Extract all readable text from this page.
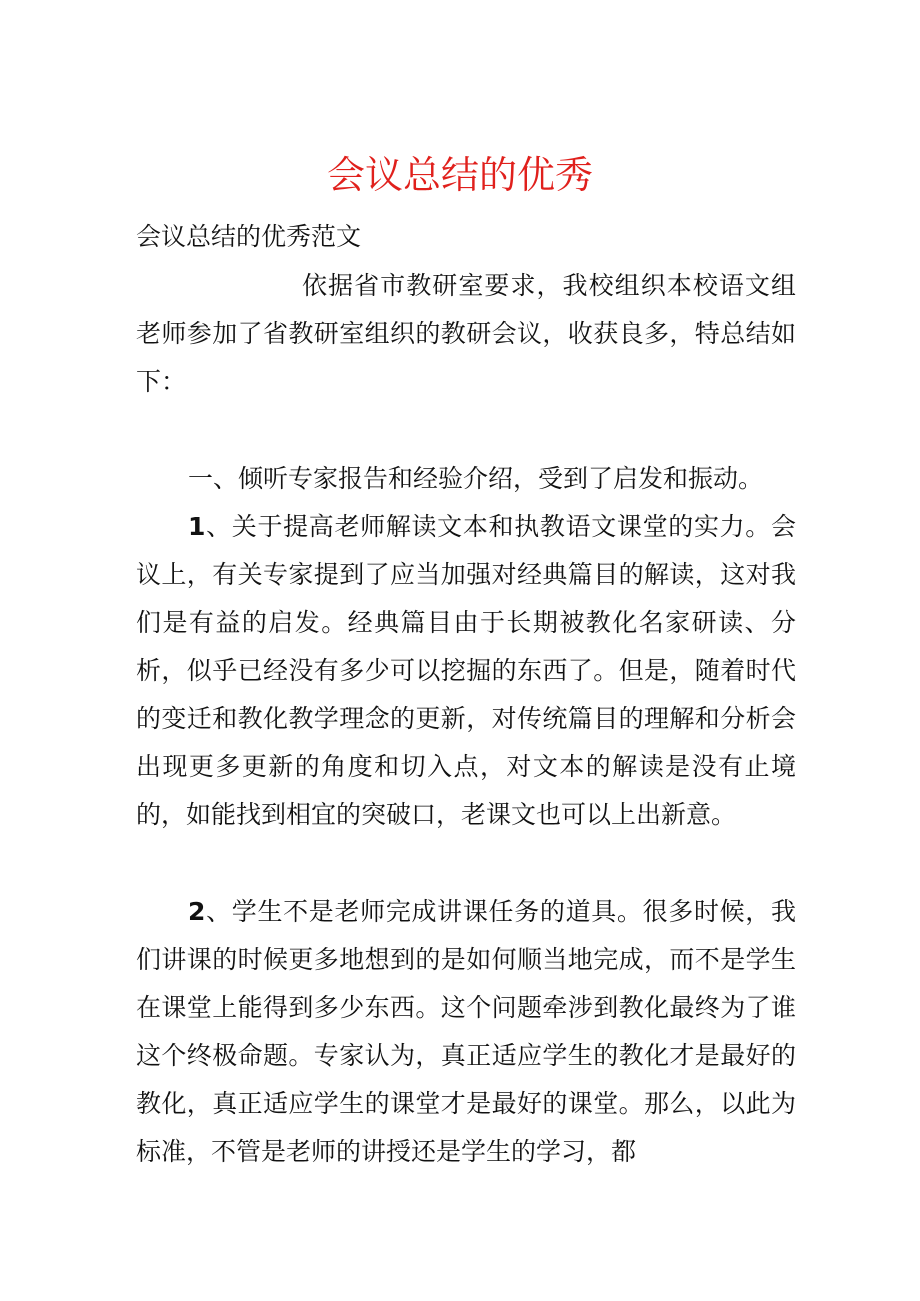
会议总结的优秀
会议总结的优秀范文

依据省市教研室要求，我校组织本校语文组老师参加了省教研室组织的教研会议，收获良多，特总结如下：

一、倾听专家报告和经验介绍，受到了启发和振动。

1、关于提高老师解读文本和执教语文课堂的实力。会议上，有关专家提到了应当加强对经典篇目的解读，这对我们是有益的启发。经典篇目由于长期被教化名家研读、分析，似乎已经没有多少可以挖掘的东西了。但是，随着时代的变迁和教化教学理念的更新，对传统篇目的理解和分析会出现更多更新的角度和切入点，对文本的解读是没有止境的，如能找到相宜的突破口，老课文也可以上出新意。

2、学生不是老师完成讲课任务的道具。很多时候，我们讲课的时候更多地想到的是如何顺当地完成，而不是学生在课堂上能得到多少东西。这个问题牵涉到教化最终为了谁这个终极命题。专家认为，真正适应学生的教化才是最好的教化，真正适应学生的课堂才是最好的课堂。那么，以此为标准，不管是老师的讲授还是学生的学习，都
